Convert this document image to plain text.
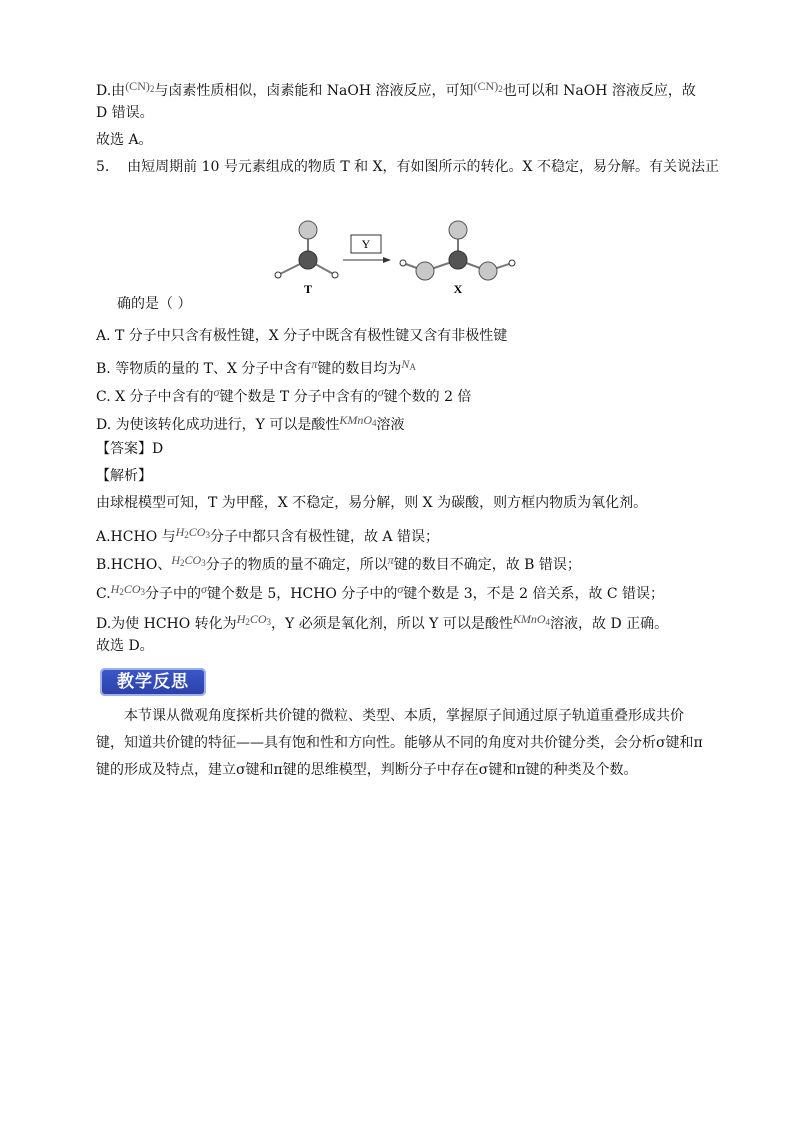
D.由$(CN)_2$与卤素性质相似，卤素能和 NaOH 溶液反应，可知$(CN)_2$也可以和 NaOH 溶液反应，故
D 错误。
故选 A。
5. 由短周期前 10 号元素组成的物质 T 和 X，有如图所示的转化。X 不稳定，易分解。有关说法正
T
Y
X
确的是（ ）
A. T 分子中只含有极性键，X 分子中既含有极性键又含有非极性键
B. 等物质的量的 T、X 分子中含有π键的数目均为$N_A$
C. X 分子中含有的σ键个数是 T 分子中含有的σ键个数的 2 倍
D. 为使该转化成功进行，Y 可以是酸性KMnO$_4$溶液
【答案】D
【解析】
由球棍模型可知，T 为甲醛，X 不稳定，易分解，则 X 为碳酸，则方框内物质为氧化剂。
A.HCHO 与$H_2CO_3$分子中都只含有极性键，故 A 错误；
B.HCHO、$H_2CO_3$分子的物质的量不确定，所以π键的数目不确定，故 B 错误；
$C.H_2CO_3$分子中的σ键个数是 5，HCHO 分子中的σ键个数是 3，不是 2 倍关系，故 C 错误；
D.为使 HCHO 转化为$H_2CO_3$，Y 必须是氧化剂，所以 Y 可以是酸性KMnO$_4$溶液，故 D 正确。
故选 D。
教学反思
本节课从微观角度探析共价键的微粒、类型、本质，掌握原子间通过原子轨道重叠形成共价键，知道共价键的特征——具有饱和性和方向性。能够从不同的角度对共价键分类，会分析σ键和π键的形成及特点，建立σ键和π键的思维模型，判断分子中存在σ键和π键的种类及个数。
